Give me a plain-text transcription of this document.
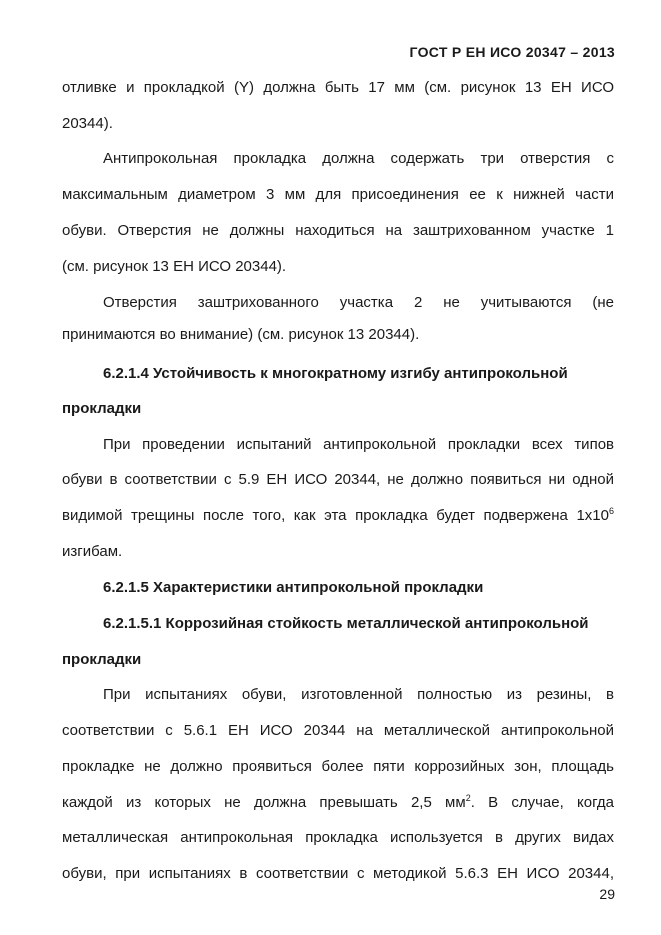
ГОСТ Р ЕН ИСО 20347 – 2013
отливке и прокладкой (Y) должна быть 17 мм (см. рисунок 13 ЕН ИСО
20344).
Антипрокольная прокладка должна содержать три отверстия с
максимальным диаметром 3 мм для присоединения ее к нижней части
обуви. Отверстия не должны находиться на заштрихованном участке 1
(см. рисунок 13 ЕН ИСО 20344).
Отверстия заштрихованного участка 2 не учитываются (не
принимаются во внимание) (см. рисунок 13 20344).
6.2.1.4 Устойчивость к многократному изгибу антипрокольной
прокладки
При проведении испытаний антипрокольной прокладки всех типов
обуви в соответствии с 5.9 ЕН ИСО 20344, не должно появиться ни одной
видимой трещины после того, как эта прокладка будет подвержена $1х10^6$
изгибам.
6.2.1.5 Характеристики антипрокольной прокладки
6.2.1.5.1 Коррозийная стойкость металлической антипрокольной
прокладки
При испытаниях обуви, изготовленной полностью из резины, в
соответствии с 5.6.1 ЕН ИСО 20344 на металлической антипрокольной
прокладке не должно проявиться более пяти коррозийных зон, площадь
каждой из которых не должна превышать 2,5 $мм^2$. В случае, когда
металлическая антипрокольная прокладка используется в других видах
обуви, при испытаниях в соответствии с методикой 5.6.3 ЕН ИСО 20344,
29
